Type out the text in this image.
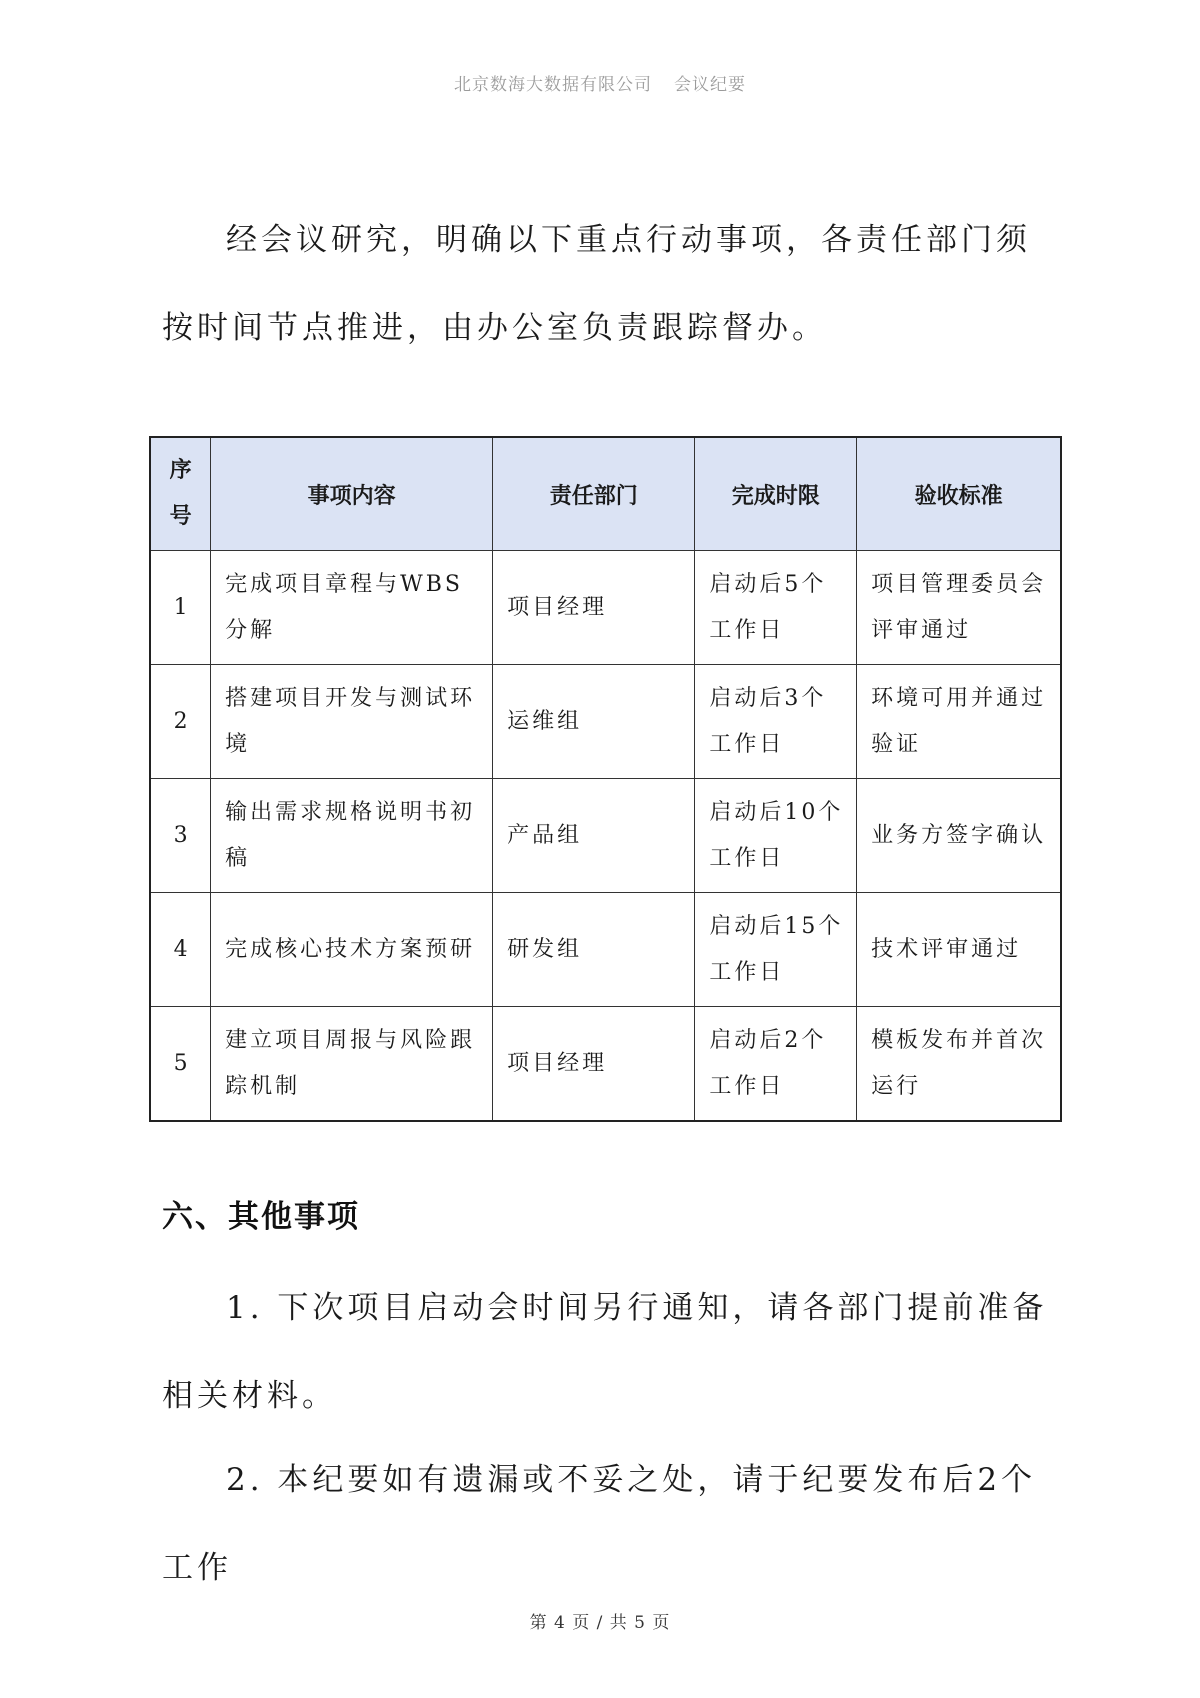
北京数海大数据有限公司 会议纪要

经会议研究，明确以下重点行动事项，各责任部门须按时间节点推进，由办公室负责跟踪督办。

序
号	事项内容	责任部门	完成时限	验收标准
1	完成项目章程与WBS分解	项目经理	启动后5个工作日	项目管理委员会评审通过
2	搭建项目开发与测试环境	运维组	启动后3个工作日	环境可用并通过验证
3	输出需求规格说明书初稿	产品组	启动后10个工作日	业务方签字确认
4	完成核心技术方案预研	研发组	启动后15个工作日	技术评审通过
5	建立项目周报与风险跟踪机制	项目经理	启动后2个工作日	模板发布并首次运行
六、其他事项

1. 下次项目启动会时间另行通知，请各部门提前准备相关材料。

2. 本纪要如有遗漏或不妥之处，请于纪要发布后2个工作

第 4 页 / 共 5 页
